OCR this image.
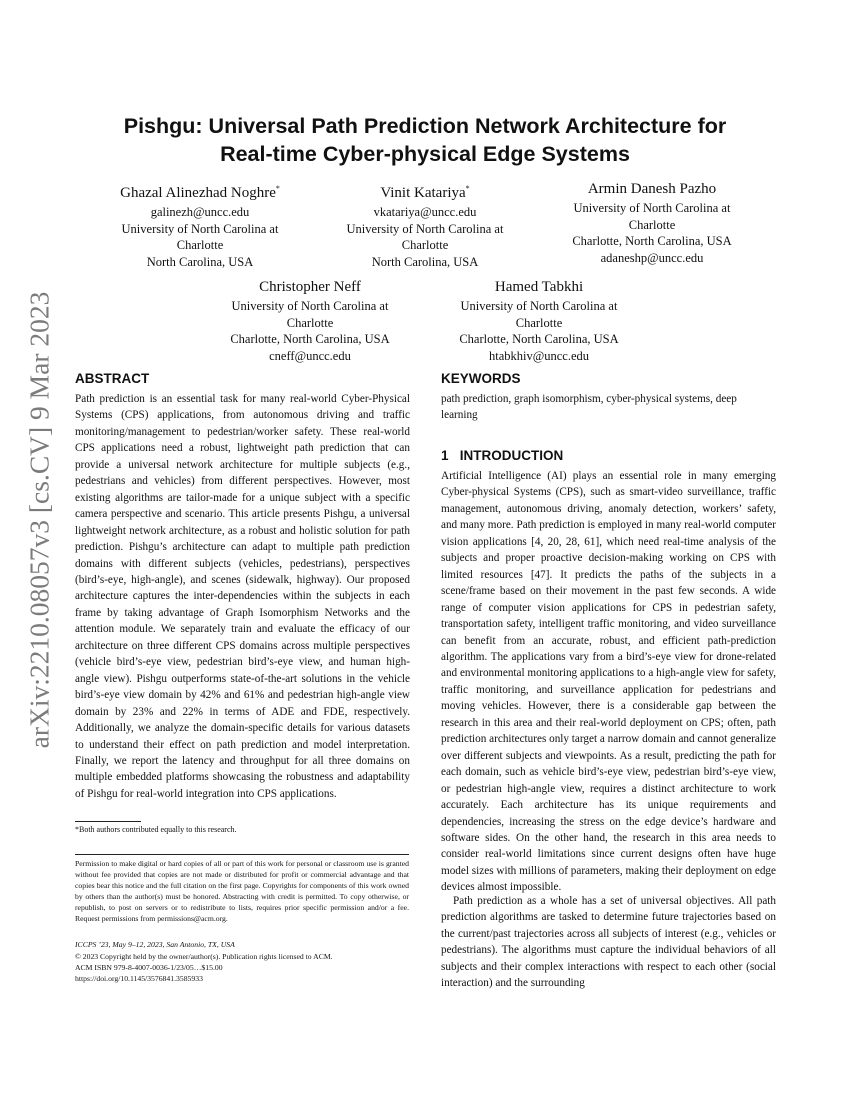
arXiv:2210.08057v3 [cs.CV] 9 Mar 2023
Pishgu: Universal Path Prediction Network Architecture for
Real-time Cyber-physical Edge Systems
Ghazal Alinezhad Noghre*
galinezh@uncc.edu
University of North Carolina at
Charlotte
North Carolina, USA
Vinit Katariya*
vkatariya@uncc.edu
University of North Carolina at
Charlotte
North Carolina, USA
Armin Danesh Pazho
University of North Carolina at
Charlotte
Charlotte, North Carolina, USA
adaneshp@uncc.edu
Christopher Neff
University of North Carolina at
Charlotte
Charlotte, North Carolina, USA
cneff@uncc.edu
Hamed Tabkhi
University of North Carolina at
Charlotte
Charlotte, North Carolina, USA
htabkhiv@uncc.edu
ABSTRACT

Path prediction is an essential task for many real-world Cyber-Physical Systems (CPS) applications, from autonomous driving and traffic monitoring/management to pedestrian/worker safety. These real-world CPS applications need a robust, lightweight path prediction that can provide a universal network architecture for multiple subjects (e.g., pedestrians and vehicles) from different perspectives. However, most existing algorithms are tailor-made for a unique subject with a specific camera perspective and scenario. This article presents Pishgu, a universal lightweight network architecture, as a robust and holistic solution for path prediction. Pishgu’s architecture can adapt to multiple path prediction domains with different subjects (vehicles, pedestrians), perspectives (bird’s-eye, high-angle), and scenes (sidewalk, highway). Our proposed architecture captures the inter-dependencies within the subjects in each frame by taking advantage of Graph Isomorphism Networks and the attention module. We separately train and evaluate the efficacy of our architecture on three different CPS domains across multiple perspectives (vehicle bird’s-eye view, pedestrian bird’s-eye view, and human high-angle view). Pishgu outperforms state-of-the-art solutions in the vehicle bird’s-eye view domain by 42% and 61% and pedestrian high-angle view domain by 23% and 22% in terms of ADE and FDE, respectively. Additionally, we analyze the domain-specific details for various datasets to understand their effect on path prediction and model interpretation. Finally, we report the latency and throughput for all three domains on multiple embedded platforms showcasing the robustness and adaptability of Pishgu for real-world integration into CPS applications.

*Both authors contributed equally to this research.

Permission to make digital or hard copies of all or part of this work for personal or classroom use is granted without fee provided that copies are not made or distributed for profit or commercial advantage and that copies bear this notice and the full citation on the first page. Copyrights for components of this work owned by others than the author(s) must be honored. Abstracting with credit is permitted. To copy otherwise, or republish, to post on servers or to redistribute to lists, requires prior specific permission and/or a fee. Request permissions from permissions@acm.org.

ICCPS ’23, May 9–12, 2023, San Antonio, TX, USA

© 2023 Copyright held by the owner/author(s). Publication rights licensed to ACM.

ACM ISBN 979-8-4007-0036-1/23/05…$15.00

https://doi.org/10.1145/3576841.3585933

KEYWORDS

path prediction, graph isomorphism, cyber-physical systems, deep learning

1   INTRODUCTION

Artificial Intelligence (AI) plays an essential role in many emerging Cyber-physical Systems (CPS), such as smart-video surveillance, traffic management, autonomous driving, anomaly detection, workers’ safety, and many more. Path prediction is employed in many real-world computer vision applications [4, 20, 28, 61], which need real-time analysis of the subjects and proper proactive decision-making working on CPS with limited resources [47]. It predicts the paths of the subjects in a scene/frame based on their movement in the past few seconds. A wide range of computer vision applications for CPS in pedestrian safety, transportation safety, intelligent traffic monitoring, and video surveillance can benefit from an accurate, robust, and efficient path-prediction algorithm. The applications vary from a bird’s-eye view for drone-related and environmental monitoring applications to a high-angle view for safety, traffic monitoring, and surveillance application for pedestrians and moving vehicles. However, there is a considerable gap between the research in this area and their real-world deployment on CPS; often, path prediction architectures only target a narrow domain and cannot generalize over different subjects and viewpoints. As a result, predicting the path for each domain, such as vehicle bird’s-eye view, pedestrian bird’s-eye view, or pedestrian high-angle view, requires a distinct architecture to work accurately. Each architecture has its unique requirements and dependencies, increasing the stress on the edge device’s hardware and software sides. On the other hand, the research in this area needs to consider real-world limitations since current designs often have huge model sizes with millions of parameters, making their deployment on edge devices almost impossible.

Path prediction as a whole has a set of universal objectives. All path prediction algorithms are tasked to determine future trajectories based on the current/past trajectories across all subjects of interest (e.g., vehicles or pedestrians). The algorithms must capture the individual behaviors of all subjects and their complex interactions with respect to each other (social interaction) and the surrounding
